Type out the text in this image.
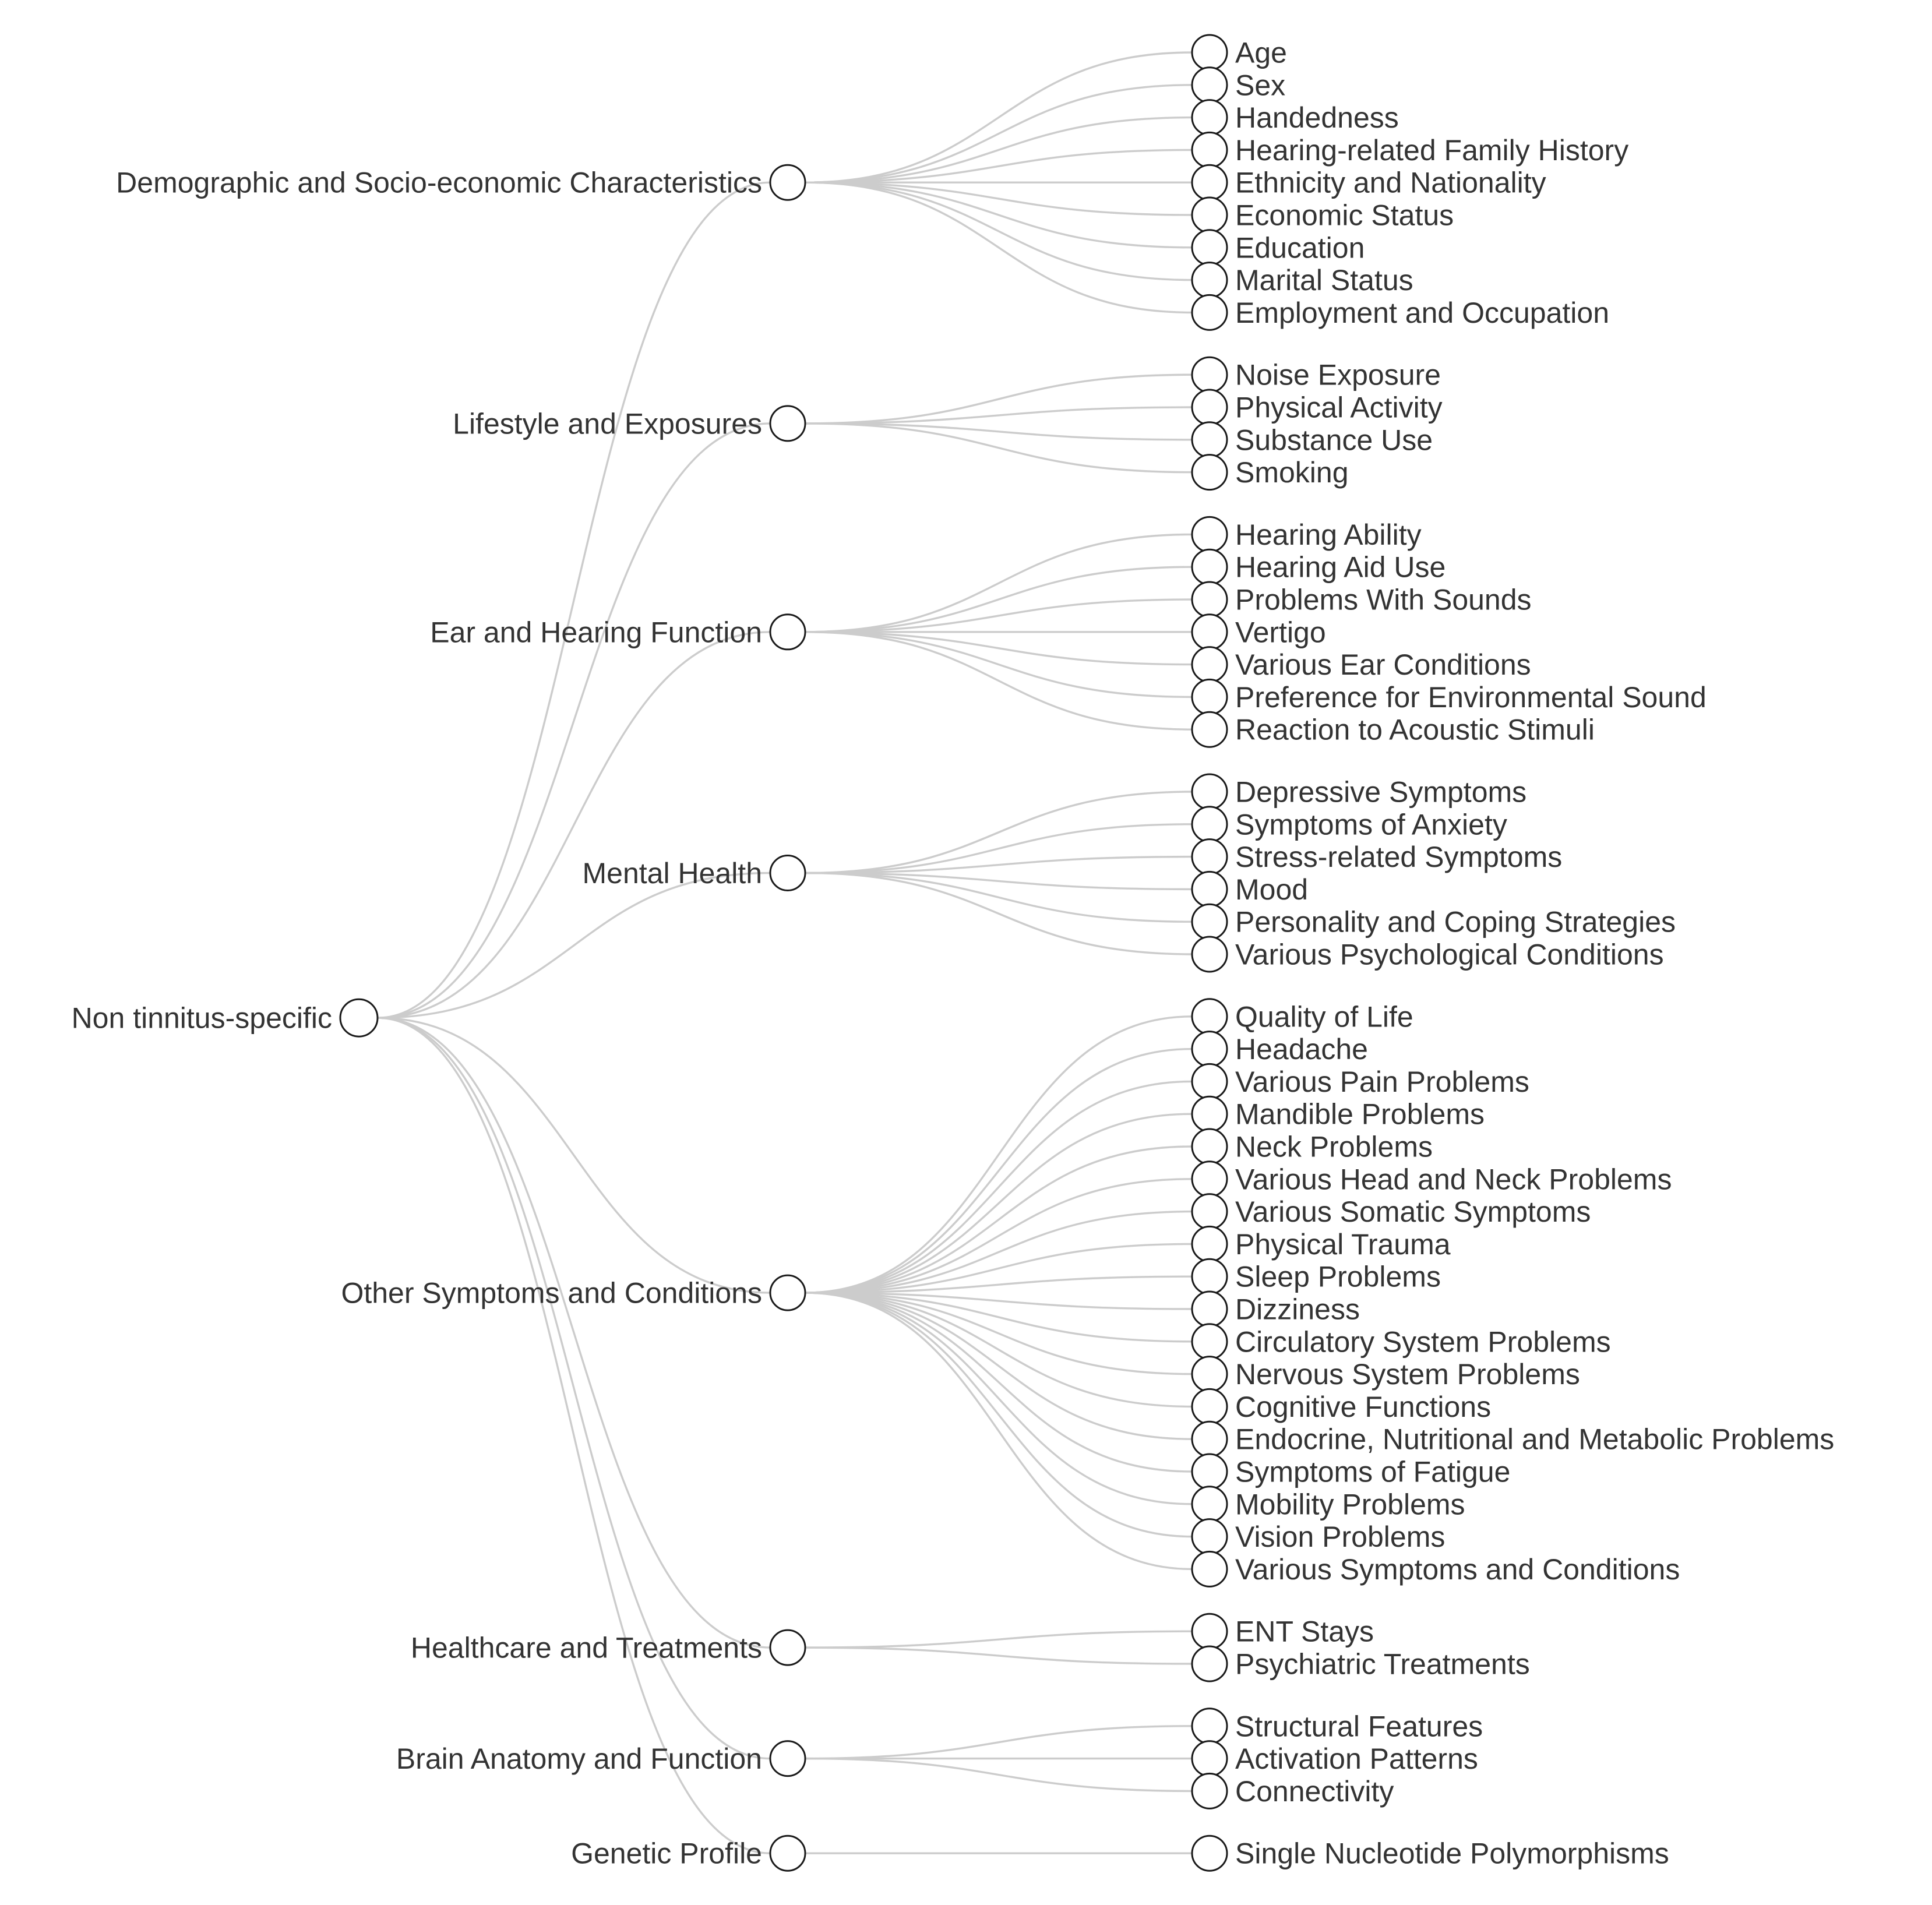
Non tinnitus-specific
Demographic and Socio-economic Characteristics
Age
Sex
Handedness
Hearing-related Family History
Ethnicity and Nationality
Economic Status
Education
Marital Status
Employment and Occupation
Lifestyle and Exposures
Noise Exposure
Physical Activity
Substance Use
Smoking
Ear and Hearing Function
Hearing Ability
Hearing Aid Use
Problems With Sounds
Vertigo
Various Ear Conditions
Preference for Environmental Sound
Reaction to Acoustic Stimuli
Mental Health
Depressive Symptoms
Symptoms of Anxiety
Stress-related Symptoms
Mood
Personality and Coping Strategies
Various Psychological Conditions
Other Symptoms and Conditions
Quality of Life
Headache
Various Pain Problems
Mandible Problems
Neck Problems
Various Head and Neck Problems
Various Somatic Symptoms
Physical Trauma
Sleep Problems
Dizziness
Circulatory System Problems
Nervous System Problems
Cognitive Functions
Endocrine, Nutritional and Metabolic Problems
Symptoms of Fatigue
Mobility Problems
Vision Problems
Various Symptoms and Conditions
Healthcare and Treatments	ENT Stays
Psychiatric Treatments
Brain Anatomy and Function
Structural Features
Activation Patterns
Connectivity
Genetic Profile	Single Nucleotide Polymorphisms
